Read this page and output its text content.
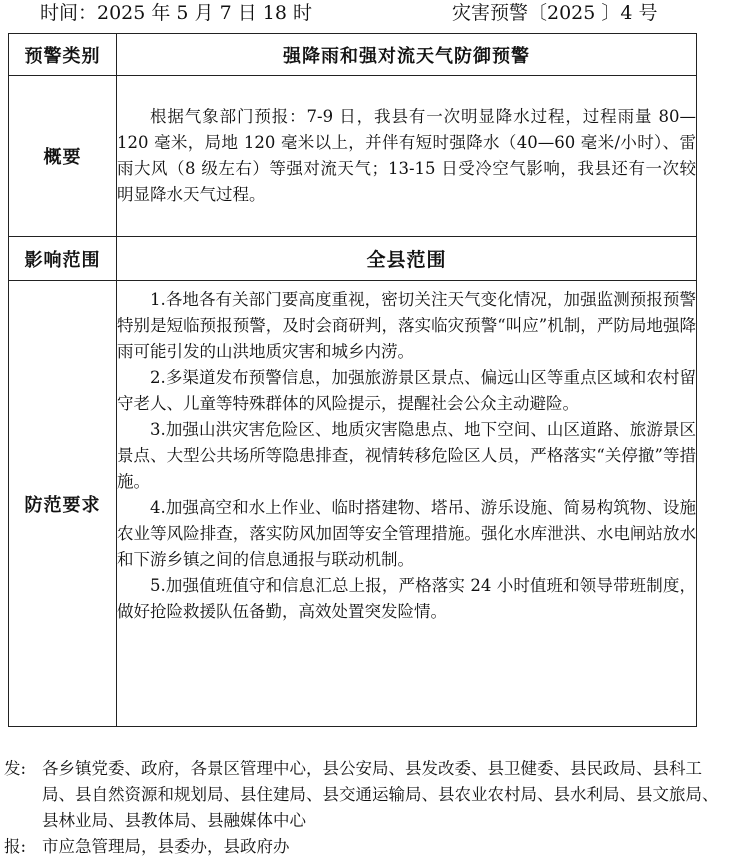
时间：2025 年 5 月 7 日 18 时	灾害预警〔2025 〕4 号
预警类别	强降雨和强对流天气防御预警
概要	根据气象部门预报：7-9 日，我县有一次明显降水过程，过程雨量 80—120 毫米，局地 120 毫米以上，并伴有短时强降水（40—60 毫米/小时）、雷雨大风（8 级左右）等强对流天气；13-15 日受冷空气影响，我县还有一次较明显降水天气过程。

影响范围	全县范围
防范要求	1.各地各有关部门要高度重视，密切关注天气变化情况，加强监测预报预警特别是短临预报预警，及时会商研判，落实临灾预警“叫应”机制，严防局地强降雨可能引发的山洪地质灾害和城乡内涝。

2.多渠道发布预警信息，加强旅游景区景点、偏远山区等重点区域和农村留守老人、儿童等特殊群体的风险提示，提醒社会公众主动避险。

3.加强山洪灾害危险区、地质灾害隐患点、地下空间、山区道路、旅游景区景点、大型公共场所等隐患排查，视情转移危险区人员，严格落实“关停撤”等措施。

4.加强高空和水上作业、临时搭建物、塔吊、游乐设施、简易构筑物、设施农业等风险排查，落实防风加固等安全管理措施。强化水库泄洪、水电闸站放水和下游乡镇之间的信息通报与联动机制。

5.加强值班值守和信息汇总上报，严格落实 24 小时值班和领导带班制度，做好抢险救援队伍备勤，高效处置突发险情。

发: 各乡镇党委、政府，各景区管理中心，县公安局、县发改委、县卫健委、县民政局、县科工局、县自然资源和规划局、县住建局、县交通运输局、县农业农村局、县水利局、县文旅局、县林业局、县教体局、县融媒体中心
报: 市应急管理局，县委办，县政府办
